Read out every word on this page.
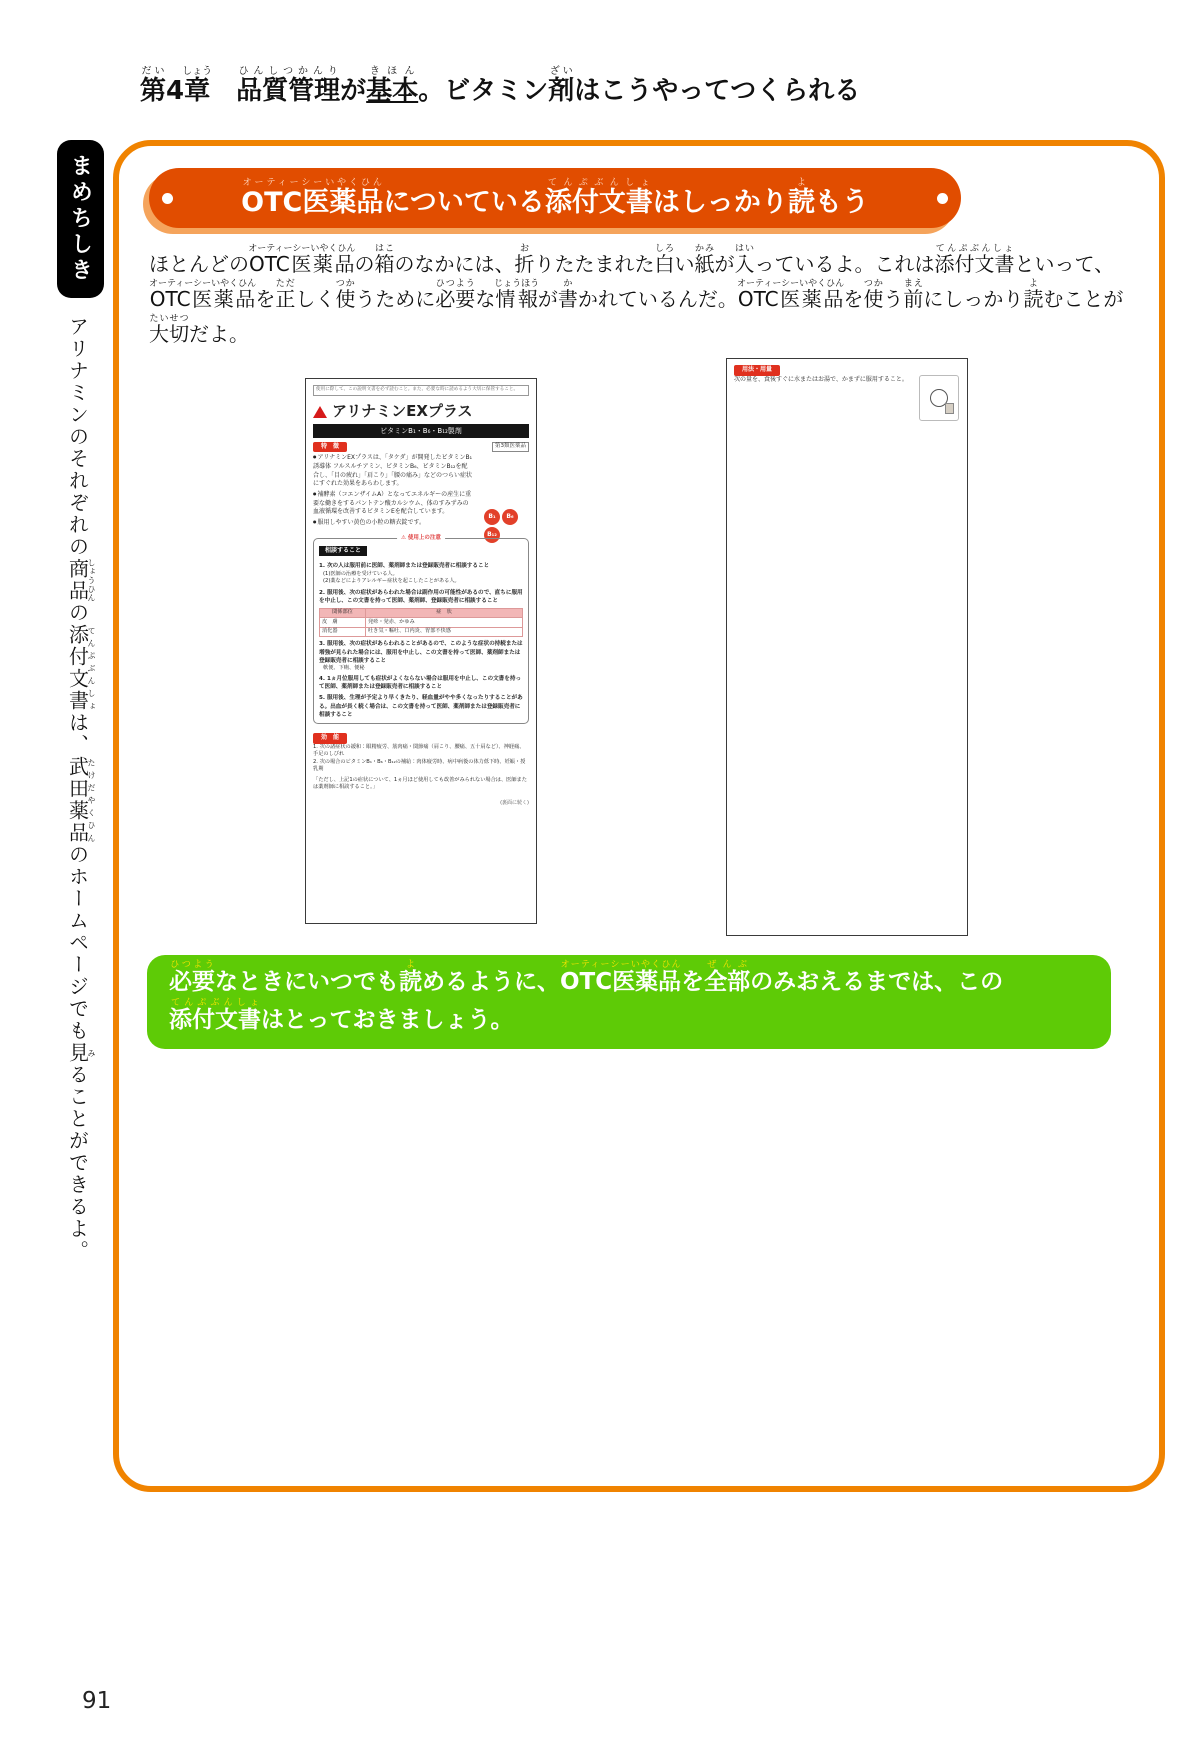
第だい4章しょう　品質管理ひんしつかんりが基本きほん。ビタミン剤ざいはこうやってつくられる
まめちしき
アリナミンのそれぞれの商品しょうひんの添付文書てんぷぶんしょは、武田薬品たけだやくひんのホームページでも見みることができるよ。
OTC医薬品オーティーシーいやくひんについている添付文書てんぷぶんしょはしっかり読よもう
ほとんどのOTC医薬品オーティーシーいやくひんの箱はこのなかには、折おりたたまれた白しろい紙かみが入はいっているよ。これは添付文書てんぷぶんしょといって、OTC医薬品オーティーシーいやくひんを正ただしく使つかうために必要ひつような情報じょうほうが書かかれているんだ。OTC医薬品オーティーシーいやくひんを使つかう前まえにしっかり読よむことが大切たいせつだよ。
使用に際して、この説明文書を必ず読むこと。また、必要な時に読めるよう大切に保管すること。
アリナミンEXプラス
ビタミンB₁・B₆・B₁₂製剤
特　徴	第3類医薬品
● アリナミンEXプラスは、「タケダ」が開発したビタミンB₁誘導体 フルスルチアミン、ビタミンB₆、ビタミンB₁₂を配合し、「目の疲れ」「肩こり」「腰の痛み」などのつらい症状にすぐれた効果をあらわします。
● 補酵素（コエンザイムA）となってエネルギーの産生に重要な働きをするパントテン酸カルシウム、体のすみずみの血液循環を改善するビタミンEを配合しています。
● 服用しやすい黄色の小粒の糖衣錠です。
B₁	B₆
B₁₂
⚠ 使用上の注意
相談すること
1. 次の人は服用前に医師、薬剤師または登録販売者に相談すること
(1)医師の治療を受けている人。
(2)薬などによりアレルギー症状を起こしたことがある人。
2. 服用後、次の症状があらわれた場合は副作用の可能性があるので、直ちに服用を中止し、この文書を持って医師、薬剤師、登録販売者に相談すること
関係部位	症　状
皮　膚	発疹・発赤、かゆみ
消化器	吐き気・嘔吐、口内炎、胃部不快感
3. 服用後、次の症状があらわれることがあるので、このような症状の持続または増強が見られた場合には、服用を中止し、この文書を持って医師、薬剤師または登録販売者に相談すること
軟便、下痢、便秘
4. 1ヵ月位服用しても症状がよくならない場合は服用を中止し、この文書を持って医師、薬剤師または登録販売者に相談すること
5. 服用後、生理が予定より早くきたり、経血量がやや多くなったりすることがある。出血が長く続く場合は、この文書を持って医師、薬剤師または登録販売者に相談すること
効　能
1. 次の諸症状の緩和：眼精疲労、筋肉痛・関節痛（肩こり、腰痛、五十肩など）、神経痛、手足のしびれ
2. 次の場合のビタミンB₁・B₆・B₁₂の補給：肉体疲労時、病中病後の体力低下時、妊娠・授乳期
「ただし、上記1の症状について、1ヵ月ほど使用しても改善がみられない場合は、医師または薬剤師に相談すること。」
(裏面に続く)
用法・用量
次の量を、食後すぐに水またはお湯で、かまずに服用すること。
必要ひつようなときにいつでも読よめるように、OTC医薬品オーティーシーいやくひんを全部ぜんぶのみおえるまでは、この添付文書てんぷぶんしょはとっておきましょう。
91
